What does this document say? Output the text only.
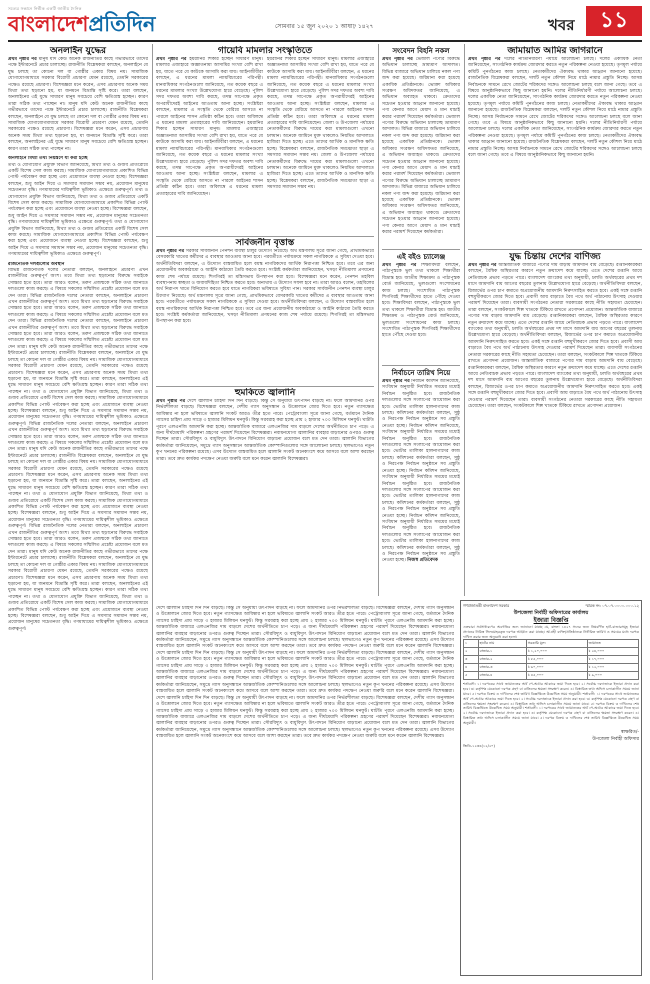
সত্যের সন্ধানে নির্ভীক একটি জাতীয় দৈনিক
বাংলাদেশপ্রতিদিন	সোমবার ১৫ জুন ২০২০ ১ আষাঢ় ১৪২৭	খবর	১১
অনলাইন যুদ্ধের
প্রথম পৃষ্ঠার পর মানুষ যদি কেউ অনেক রাজনীতির কাছে গভীরভাবে তাদের পক্ষে ইন্টারনেটে প্রচার চালাচ্ছে। রাজনীতি বিশ্লেষকরা বলছেন, অনলাইনে যে যুদ্ধ চলছে তা কোনো দল বা গোষ্ঠীর একার বিষয় নয়। সামাজিক যোগাযোগমাধ্যমে সরকার বিরোধী প্রচারণা যেমন রয়েছে, তেমনি সরকারের পক্ষেও রয়েছে প্রচারণা। বিশেষজ্ঞরা মনে করেন, এসব প্রচারণায় অনেক সময় মিথ্যা তথ্য ছড়ানো হয়, যা জনমনে বিভ্রান্তি সৃষ্টি করে। তারা বলছেন, অনলাইনের এই যুদ্ধে সাধারণ মানুষ সবচেয়ে বেশি ক্ষতিগ্রস্ত হচ্ছেন। কারণ তারা সঠিক তথ্য পাচ্ছেন না। মানুষ যদি কেউ অনেক রাজনীতির কাছে গভীরভাবে তাদের পক্ষে ইন্টারনেটে প্রচার চালাচ্ছে। রাজনীতি বিশ্লেষকরা বলছেন, অনলাইনে যে যুদ্ধ চলছে তা কোনো দল বা গোষ্ঠীর একার বিষয় নয়। সামাজিক যোগাযোগমাধ্যমে সরকার বিরোধী প্রচারণা যেমন রয়েছে, তেমনি সরকারের পক্ষেও রয়েছে প্রচারণা। বিশেষজ্ঞরা মনে করেন, এসব প্রচারণায় অনেক সময় মিথ্যা তথ্য ছড়ানো হয়, যা জনমনে বিভ্রান্তি সৃষ্টি করে। তারা বলছেন, অনলাইনের এই যুদ্ধে সাধারণ মানুষ সবচেয়ে বেশি ক্ষতিগ্রস্ত হচ্ছেন। কারণ তারা সঠিক তথ্য পাচ্ছেন না।
অনলাইনে মিথ্যা তথ্য নিয়ন্ত্রণে যা করা হচ্ছে
তথ্য ও যোগাযোগ প্রযুক্তি বিভাগ জানিয়েছে, মিথ্যা তথ্য ও গুজব প্রতিরোধে একটি বিশেষ সেল কাজ করছে। সামাজিক যোগাযোগমাধ্যমে প্রকাশিত বিভিন্ন পোস্ট পর্যবেক্ষণ করা হচ্ছে এবং প্রয়োজনে ব্যবস্থা নেওয়া হচ্ছে। বিশেষজ্ঞরা বলছেন, শুধু আইন দিয়ে এ সমস্যার সমাধান সম্ভব নয়, প্রয়োজন মানুষের সচেতনতা বৃদ্ধি। গণমাধ্যমের দায়িত্বশীল ভূমিকাও এক্ষেত্রে গুরুত্বপূর্ণ। তথ্য ও যোগাযোগ প্রযুক্তি বিভাগ জানিয়েছে, মিথ্যা তথ্য ও গুজব প্রতিরোধে একটি বিশেষ সেল কাজ করছে। সামাজিক যোগাযোগমাধ্যমে প্রকাশিত বিভিন্ন পোস্ট পর্যবেক্ষণ করা হচ্ছে এবং প্রয়োজনে ব্যবস্থা নেওয়া হচ্ছে। বিশেষজ্ঞরা বলছেন, শুধু আইন দিয়ে এ সমস্যার সমাধান সম্ভব নয়, প্রয়োজন মানুষের সচেতনতা বৃদ্ধি। গণমাধ্যমের দায়িত্বশীল ভূমিকাও এক্ষেত্রে গুরুত্বপূর্ণ। তথ্য ও যোগাযোগ প্রযুক্তি বিভাগ জানিয়েছে, মিথ্যা তথ্য ও গুজব প্রতিরোধে একটি বিশেষ সেল কাজ করছে। সামাজিক যোগাযোগমাধ্যমে প্রকাশিত বিভিন্ন পোস্ট পর্যবেক্ষণ করা হচ্ছে এবং প্রয়োজনে ব্যবস্থা নেওয়া হচ্ছে। বিশেষজ্ঞরা বলছেন, শুধু আইন দিয়ে এ সমস্যার সমাধান সম্ভব নয়, প্রয়োজন মানুষের সচেতনতা বৃদ্ধি। গণমাধ্যমের দায়িত্বশীল ভূমিকাও এক্ষেত্রে গুরুত্বপূর্ণ।
রাজনৈতিক দলগুলোর অবস্থান
বিভিন্ন রাজনৈতিক দলের নেতারা বলছেন, অনলাইনে প্রচারণা এখন রাজনীতির গুরুত্বপূর্ণ অংশ। তবে মিথ্যা তথ্য ছড়ানোর বিরুদ্ধে সবাইকে সোচ্চার হতে হবে। তারা আরও বলেন, তরুণ প্রজন্মকে সঠিক তথ্য জানাতে দলগুলো কাজ করছে। এ বিষয়ে সকলের সম্মিলিত প্রচেষ্টা প্রয়োজন বলে মত দেন তারা। বিভিন্ন রাজনৈতিক দলের নেতারা বলছেন, অনলাইনে প্রচারণা এখন রাজনীতির গুরুত্বপূর্ণ অংশ। তবে মিথ্যা তথ্য ছড়ানোর বিরুদ্ধে সবাইকে সোচ্চার হতে হবে। তারা আরও বলেন, তরুণ প্রজন্মকে সঠিক তথ্য জানাতে দলগুলো কাজ করছে। এ বিষয়ে সকলের সম্মিলিত প্রচেষ্টা প্রয়োজন বলে মত দেন তারা। বিভিন্ন রাজনৈতিক দলের নেতারা বলছেন, অনলাইনে প্রচারণা এখন রাজনীতির গুরুত্বপূর্ণ অংশ। তবে মিথ্যা তথ্য ছড়ানোর বিরুদ্ধে সবাইকে সোচ্চার হতে হবে। তারা আরও বলেন, তরুণ প্রজন্মকে সঠিক তথ্য জানাতে দলগুলো কাজ করছে। এ বিষয়ে সকলের সম্মিলিত প্রচেষ্টা প্রয়োজন বলে মত দেন তারা। মানুষ যদি কেউ অনেক রাজনীতির কাছে গভীরভাবে তাদের পক্ষে ইন্টারনেটে প্রচার চালাচ্ছে। রাজনীতি বিশ্লেষকরা বলছেন, অনলাইনে যে যুদ্ধ চলছে তা কোনো দল বা গোষ্ঠীর একার বিষয় নয়। সামাজিক যোগাযোগমাধ্যমে সরকার বিরোধী প্রচারণা যেমন রয়েছে, তেমনি সরকারের পক্ষেও রয়েছে প্রচারণা। বিশেষজ্ঞরা মনে করেন, এসব প্রচারণায় অনেক সময় মিথ্যা তথ্য ছড়ানো হয়, যা জনমনে বিভ্রান্তি সৃষ্টি করে। তারা বলছেন, অনলাইনের এই যুদ্ধে সাধারণ মানুষ সবচেয়ে বেশি ক্ষতিগ্রস্ত হচ্ছেন। কারণ তারা সঠিক তথ্য পাচ্ছেন না। তথ্য ও যোগাযোগ প্রযুক্তি বিভাগ জানিয়েছে, মিথ্যা তথ্য ও গুজব প্রতিরোধে একটি বিশেষ সেল কাজ করছে। সামাজিক যোগাযোগমাধ্যমে প্রকাশিত বিভিন্ন পোস্ট পর্যবেক্ষণ করা হচ্ছে এবং প্রয়োজনে ব্যবস্থা নেওয়া হচ্ছে। বিশেষজ্ঞরা বলছেন, শুধু আইন দিয়ে এ সমস্যার সমাধান সম্ভব নয়, প্রয়োজন মানুষের সচেতনতা বৃদ্ধি। গণমাধ্যমের দায়িত্বশীল ভূমিকাও এক্ষেত্রে গুরুত্বপূর্ণ। বিভিন্ন রাজনৈতিক দলের নেতারা বলছেন, অনলাইনে প্রচারণা এখন রাজনীতির গুরুত্বপূর্ণ অংশ। তবে মিথ্যা তথ্য ছড়ানোর বিরুদ্ধে সবাইকে সোচ্চার হতে হবে। তারা আরও বলেন, তরুণ প্রজন্মকে সঠিক তথ্য জানাতে দলগুলো কাজ করছে। এ বিষয়ে সকলের সম্মিলিত প্রচেষ্টা প্রয়োজন বলে মত দেন তারা। মানুষ যদি কেউ অনেক রাজনীতির কাছে গভীরভাবে তাদের পক্ষে ইন্টারনেটে প্রচার চালাচ্ছে। রাজনীতি বিশ্লেষকরা বলছেন, অনলাইনে যে যুদ্ধ চলছে তা কোনো দল বা গোষ্ঠীর একার বিষয় নয়। সামাজিক যোগাযোগমাধ্যমে সরকার বিরোধী প্রচারণা যেমন রয়েছে, তেমনি সরকারের পক্ষেও রয়েছে প্রচারণা। বিশেষজ্ঞরা মনে করেন, এসব প্রচারণায় অনেক সময় মিথ্যা তথ্য ছড়ানো হয়, যা জনমনে বিভ্রান্তি সৃষ্টি করে। তারা বলছেন, অনলাইনের এই যুদ্ধে সাধারণ মানুষ সবচেয়ে বেশি ক্ষতিগ্রস্ত হচ্ছেন। কারণ তারা সঠিক তথ্য পাচ্ছেন না। তথ্য ও যোগাযোগ প্রযুক্তি বিভাগ জানিয়েছে, মিথ্যা তথ্য ও গুজব প্রতিরোধে একটি বিশেষ সেল কাজ করছে। সামাজিক যোগাযোগমাধ্যমে প্রকাশিত বিভিন্ন পোস্ট পর্যবেক্ষণ করা হচ্ছে এবং প্রয়োজনে ব্যবস্থা নেওয়া হচ্ছে। বিশেষজ্ঞরা বলছেন, শুধু আইন দিয়ে এ সমস্যার সমাধান সম্ভব নয়, প্রয়োজন মানুষের সচেতনতা বৃদ্ধি। গণমাধ্যমের দায়িত্বশীল ভূমিকাও এক্ষেত্রে গুরুত্বপূর্ণ। বিভিন্ন রাজনৈতিক দলের নেতারা বলছেন, অনলাইনে প্রচারণা এখন রাজনীতির গুরুত্বপূর্ণ অংশ। তবে মিথ্যা তথ্য ছড়ানোর বিরুদ্ধে সবাইকে সোচ্চার হতে হবে। তারা আরও বলেন, তরুণ প্রজন্মকে সঠিক তথ্য জানাতে দলগুলো কাজ করছে। এ বিষয়ে সকলের সম্মিলিত প্রচেষ্টা প্রয়োজন বলে মত দেন তারা। মানুষ যদি কেউ অনেক রাজনীতির কাছে গভীরভাবে তাদের পক্ষে ইন্টারনেটে প্রচার চালাচ্ছে। রাজনীতি বিশ্লেষকরা বলছেন, অনলাইনে যে যুদ্ধ চলছে তা কোনো দল বা গোষ্ঠীর একার বিষয় নয়। সামাজিক যোগাযোগমাধ্যমে সরকার বিরোধী প্রচারণা যেমন রয়েছে, তেমনি সরকারের পক্ষেও রয়েছে প্রচারণা। বিশেষজ্ঞরা মনে করেন, এসব প্রচারণায় অনেক সময় মিথ্যা তথ্য ছড়ানো হয়, যা জনমনে বিভ্রান্তি সৃষ্টি করে। তারা বলছেন, অনলাইনের এই যুদ্ধে সাধারণ মানুষ সবচেয়ে বেশি ক্ষতিগ্রস্ত হচ্ছেন। কারণ তারা সঠিক তথ্য পাচ্ছেন না। তথ্য ও যোগাযোগ প্রযুক্তি বিভাগ জানিয়েছে, মিথ্যা তথ্য ও গুজব প্রতিরোধে একটি বিশেষ সেল কাজ করছে। সামাজিক যোগাযোগমাধ্যমে প্রকাশিত বিভিন্ন পোস্ট পর্যবেক্ষণ করা হচ্ছে এবং প্রয়োজনে ব্যবস্থা নেওয়া হচ্ছে। বিশেষজ্ঞরা বলছেন, শুধু আইন দিয়ে এ সমস্যার সমাধান সম্ভব নয়, প্রয়োজন মানুষের সচেতনতা বৃদ্ধি। গণমাধ্যমের দায়িত্বশীল ভূমিকাও এক্ষেত্রে গুরুত্বপূর্ণ।
গায়েবি মামলার সংস্কৃতিতে
প্রথম পৃষ্ঠার পর হয়রানির শিকার হচ্ছেন সাধারণ মানুষ। মামলার এজাহারে অজ্ঞাতনামা আসামির সংখ্যা বেশি রাখা হয়, যাতে পরে যে কাউকে আসামি করা যায়। আইনজীবীরা বলছেন, এ ধরনের মামলা ন্যায়বিচারের পরিপন্থী। মানবাধিকার সংগঠনগুলো জানিয়েছে, গত কয়েক বছরে এ ধরনের মামলার সংখ্যা উল্লেখযোগ্য হারে বেড়েছে। পুলিশ সদর দফতর অবশ্য দাবি করছে, তদন্ত সাপেক্ষে প্রকৃত অপরাধীদেরই আইনের আওতায় আনা হচ্ছে। সংশ্লিষ্টরা বলছেন, মামলার এ সংস্কৃতি থেকে বেরিয়ে আসতে না পারলে আইনের শাসন প্রতিষ্ঠা কঠিন হবে। তারা অবিলম্বে এ ধরনের মামলা প্রত্যাহারের দাবি জানিয়েছেন। হয়রানির শিকার হচ্ছেন সাধারণ মানুষ। মামলার এজাহারে অজ্ঞাতনামা আসামির সংখ্যা বেশি রাখা হয়, যাতে পরে যে কাউকে আসামি করা যায়। আইনজীবীরা বলছেন, এ ধরনের মামলা ন্যায়বিচারের পরিপন্থী। মানবাধিকার সংগঠনগুলো জানিয়েছে, গত কয়েক বছরে এ ধরনের মামলার সংখ্যা উল্লেখযোগ্য হারে বেড়েছে। পুলিশ সদর দফতর অবশ্য দাবি করছে, তদন্ত সাপেক্ষে প্রকৃত অপরাধীদেরই আইনের আওতায় আনা হচ্ছে। সংশ্লিষ্টরা বলছেন, মামলার এ সংস্কৃতি থেকে বেরিয়ে আসতে না পারলে আইনের শাসন প্রতিষ্ঠা কঠিন হবে। তারা অবিলম্বে এ ধরনের মামলা প্রত্যাহারের দাবি জানিয়েছেন।
হয়রানির শিকার হচ্ছেন সাধারণ মানুষ। মামলার এজাহারে অজ্ঞাতনামা আসামির সংখ্যা বেশি রাখা হয়, যাতে পরে যে কাউকে আসামি করা যায়। আইনজীবীরা বলছেন, এ ধরনের মামলা ন্যায়বিচারের পরিপন্থী। মানবাধিকার সংগঠনগুলো জানিয়েছে, গত কয়েক বছরে এ ধরনের মামলার সংখ্যা উল্লেখযোগ্য হারে বেড়েছে। পুলিশ সদর দফতর অবশ্য দাবি করছে, তদন্ত সাপেক্ষে প্রকৃত অপরাধীদেরই আইনের আওতায় আনা হচ্ছে। সংশ্লিষ্টরা বলছেন, মামলার এ সংস্কৃতি থেকে বেরিয়ে আসতে না পারলে আইনের শাসন প্রতিষ্ঠা কঠিন হবে। তারা অবিলম্বে এ ধরনের মামলা প্রত্যাহারের দাবি জানিয়েছেন। জেলা ও উপজেলা পর্যায়ের নেতাকর্মীদের বিরুদ্ধে দায়ের করা মামলাগুলো এখনো চলমান। অনেকে জামিনে মুক্ত থাকলেও নিয়মিত আদালতে হাজিরা দিতে হচ্ছে। এতে তাদের আর্থিক ও মানসিক ক্ষতি হচ্ছে। বিশ্লেষকরা বলছেন, রাজনৈতিক সমঝোতা ছাড়া এ সমস্যার সমাধান সম্ভব নয়। জেলা ও উপজেলা পর্যায়ের নেতাকর্মীদের বিরুদ্ধে দায়ের করা মামলাগুলো এখনো চলমান। অনেকে জামিনে মুক্ত থাকলেও নিয়মিত আদালতে হাজিরা দিতে হচ্ছে। এতে তাদের আর্থিক ও মানসিক ক্ষতি হচ্ছে। বিশ্লেষকরা বলছেন, রাজনৈতিক সমঝোতা ছাড়া এ সমস্যার সমাধান সম্ভব নয়।
সার্বজনীন বৃত্তাস্ত
প্রথম পৃষ্ঠার পর সরকার সার্বজনীন পেনশন ব্যবস্থা চালুর উদ্যোগ নিয়েছে। অর্থ মন্ত্রণালয় সূত্রে জানা গেছে, প্রাথমিকভাবে বেসরকারি খাতের কর্মীদের এ ব্যবস্থার আওতায় আনা হবে। পরবর্তীতে পর্যায়ক্রমে সকল নাগরিককে এ সুবিধা দেওয়া হবে। অর্থনীতিবিদরা বলছেন, এ উদ্যোগ বাস্তবায়িত হলে বয়স্ক নাগরিকদের আর্থিক নিরাপত্তা নিশ্চিত হবে। তবে এর জন্য প্রয়োজনীয় অবকাঠামো ও আইনি কাঠামো তৈরি করতে হবে। সংশ্লিষ্ট কর্মকর্তারা জানিয়েছেন, খসড়া নীতিমালা প্রণয়নের কাজ শেষ পর্যায়ে রয়েছে। শিগগিরই তা মন্ত্রিসভায় উপস্থাপন করা হবে। বিশেষজ্ঞরা মনে করেন, পেনশন তহবিল ব্যবস্থাপনায় স্বচ্ছতা ও জবাবদিহিতা নিশ্চিত করতে হবে। অন্যথায় এ উদ্যোগ সফল হবে না। তারা আরও বলেন, তহবিলের অর্থ নিরাপদ খাতে বিনিয়োগ করতে হবে যাতে নাগরিকরা ভবিষ্যতে সুবিধা পান। সরকার সার্বজনীন পেনশন ব্যবস্থা চালুর উদ্যোগ নিয়েছে। অর্থ মন্ত্রণালয় সূত্রে জানা গেছে, প্রাথমিকভাবে বেসরকারি খাতের কর্মীদের এ ব্যবস্থার আওতায় আনা হবে। পরবর্তীতে পর্যায়ক্রমে সকল নাগরিককে এ সুবিধা দেওয়া হবে। অর্থনীতিবিদরা বলছেন, এ উদ্যোগ বাস্তবায়িত হলে বয়স্ক নাগরিকদের আর্থিক নিরাপত্তা নিশ্চিত হবে। তবে এর জন্য প্রয়োজনীয় অবকাঠামো ও আইনি কাঠামো তৈরি করতে হবে। সংশ্লিষ্ট কর্মকর্তারা জানিয়েছেন, খসড়া নীতিমালা প্রণয়নের কাজ শেষ পর্যায়ে রয়েছে। শিগগিরই তা মন্ত্রিসভায় উপস্থাপন করা হবে।
হুমকিতে জ্বালানি
প্রথম পৃষ্ঠার পর দেশে জ্বালানি চাহিদা দিন দিন বাড়ছে। কিন্তু সে অনুযায়ী উৎপাদন বাড়ছে না। ফলে আমদানির ওপর নির্ভরশীলতা বাড়ছে। বিশেষজ্ঞরা বলছেন, দেশীয় গ্যাস অনুসন্ধান ও উত্তোলনে জোর দিতে হবে। নতুন গ্যাসক্ষেত্র আবিষ্কার না হলে ভবিষ্যতে জ্বালানি সংকট আরও তীব্র হতে পারে। পেট্রোবাংলা সূত্রে জানা গেছে, বর্তমানে দৈনিক গ্যাসের চাহিদা প্রায় সাড়ে ৩ হাজার মিলিয়ন ঘনফুট। কিন্তু সরবরাহ করা হচ্ছে প্রায় ২ হাজার ৭০০ মিলিয়ন ঘনফুট। ঘাটতি পূরণে এলএনজি আমদানি করা হচ্ছে। আন্তর্জাতিক বাজারে এলএনজির দাম বাড়লে দেশের অর্থনীতিতে চাপ পড়ে। এ জন্য দীর্ঘমেয়াদি পরিকল্পনা গ্রহণের পরামর্শ দিয়েছেন বিশেষজ্ঞরা। নবায়নযোগ্য জ্বালানির ব্যবহার বাড়ানোর ওপরও গুরুত্ব দিচ্ছেন তারা। সৌরবিদ্যুৎ ও বায়ুবিদ্যুৎ উৎপাদনে বিনিয়োগ বাড়ানো প্রয়োজন বলে মত দেন তারা। জ্বালানি বিভাগের কর্মকর্তারা জানিয়েছেন, সমুদ্রে গ্যাস অনুসন্ধানে আন্তর্জাতিক কোম্পানিগুলোর সঙ্গে আলোচনা চলছে। স্থলভাগেও নতুন কূপ খননের পরিকল্পনা রয়েছে। এসব উদ্যোগ বাস্তবায়িত হলে জ্বালানি সংকট অনেকাংশে কমে আসবে বলে আশা করছেন তারা। তবে দ্রুত কার্যকর পদক্ষেপ নেওয়া জরুরি বলে মনে করেন জ্বালানি বিশেষজ্ঞরা।
দেশে জ্বালানি চাহিদা দিন দিন বাড়ছে। কিন্তু সে অনুযায়ী উৎপাদন বাড়ছে না। ফলে আমদানির ওপর নির্ভরশীলতা বাড়ছে। বিশেষজ্ঞরা বলছেন, দেশীয় গ্যাস অনুসন্ধান ও উত্তোলনে জোর দিতে হবে। নতুন গ্যাসক্ষেত্র আবিষ্কার না হলে ভবিষ্যতে জ্বালানি সংকট আরও তীব্র হতে পারে। পেট্রোবাংলা সূত্রে জানা গেছে, বর্তমানে দৈনিক গ্যাসের চাহিদা প্রায় সাড়ে ৩ হাজার মিলিয়ন ঘনফুট। কিন্তু সরবরাহ করা হচ্ছে প্রায় ২ হাজার ৭০০ মিলিয়ন ঘনফুট। ঘাটতি পূরণে এলএনজি আমদানি করা হচ্ছে। আন্তর্জাতিক বাজারে এলএনজির দাম বাড়লে দেশের অর্থনীতিতে চাপ পড়ে। এ জন্য দীর্ঘমেয়াদি পরিকল্পনা গ্রহণের পরামর্শ দিয়েছেন বিশেষজ্ঞরা। নবায়নযোগ্য জ্বালানির ব্যবহার বাড়ানোর ওপরও গুরুত্ব দিচ্ছেন তারা। সৌরবিদ্যুৎ ও বায়ুবিদ্যুৎ উৎপাদনে বিনিয়োগ বাড়ানো প্রয়োজন বলে মত দেন তারা। জ্বালানি বিভাগের কর্মকর্তারা জানিয়েছেন, সমুদ্রে গ্যাস অনুসন্ধানে আন্তর্জাতিক কোম্পানিগুলোর সঙ্গে আলোচনা চলছে। স্থলভাগেও নতুন কূপ খননের পরিকল্পনা রয়েছে। এসব উদ্যোগ বাস্তবায়িত হলে জ্বালানি সংকট অনেকাংশে কমে আসবে বলে আশা করছেন তারা। তবে দ্রুত কার্যকর পদক্ষেপ নেওয়া জরুরি বলে মনে করেন জ্বালানি বিশেষজ্ঞরা। দেশে জ্বালানি চাহিদা দিন দিন বাড়ছে। কিন্তু সে অনুযায়ী উৎপাদন বাড়ছে না। ফলে আমদানির ওপর নির্ভরশীলতা বাড়ছে। বিশেষজ্ঞরা বলছেন, দেশীয় গ্যাস অনুসন্ধান ও উত্তোলনে জোর দিতে হবে। নতুন গ্যাসক্ষেত্র আবিষ্কার না হলে ভবিষ্যতে জ্বালানি সংকট আরও তীব্র হতে পারে। পেট্রোবাংলা সূত্রে জানা গেছে, বর্তমানে দৈনিক গ্যাসের চাহিদা প্রায় সাড়ে ৩ হাজার মিলিয়ন ঘনফুট। কিন্তু সরবরাহ করা হচ্ছে প্রায় ২ হাজার ৭০০ মিলিয়ন ঘনফুট। ঘাটতি পূরণে এলএনজি আমদানি করা হচ্ছে। আন্তর্জাতিক বাজারে এলএনজির দাম বাড়লে দেশের অর্থনীতিতে চাপ পড়ে। এ জন্য দীর্ঘমেয়াদি পরিকল্পনা গ্রহণের পরামর্শ দিয়েছেন বিশেষজ্ঞরা। নবায়নযোগ্য জ্বালানির ব্যবহার বাড়ানোর ওপরও গুরুত্ব দিচ্ছেন তারা। সৌরবিদ্যুৎ ও বায়ুবিদ্যুৎ উৎপাদনে বিনিয়োগ বাড়ানো প্রয়োজন বলে মত দেন তারা। জ্বালানি বিভাগের কর্মকর্তারা জানিয়েছেন, সমুদ্রে গ্যাস অনুসন্ধানে আন্তর্জাতিক কোম্পানিগুলোর সঙ্গে আলোচনা চলছে। স্থলভাগেও নতুন কূপ খননের পরিকল্পনা রয়েছে। এসব উদ্যোগ বাস্তবায়িত হলে জ্বালানি সংকট অনেকাংশে কমে আসবে বলে আশা করছেন তারা। তবে দ্রুত কার্যকর পদক্ষেপ নেওয়া জরুরি বলে মনে করেন জ্বালানি বিশেষজ্ঞরা। দেশে জ্বালানি চাহিদা দিন দিন বাড়ছে। কিন্তু সে অনুযায়ী উৎপাদন বাড়ছে না। ফলে আমদানির ওপর নির্ভরশীলতা বাড়ছে। বিশেষজ্ঞরা বলছেন, দেশীয় গ্যাস অনুসন্ধান ও উত্তোলনে জোর দিতে হবে। নতুন গ্যাসক্ষেত্র আবিষ্কার না হলে ভবিষ্যতে জ্বালানি সংকট আরও তীব্র হতে পারে। পেট্রোবাংলা সূত্রে জানা গেছে, বর্তমানে দৈনিক গ্যাসের চাহিদা প্রায় সাড়ে ৩ হাজার মিলিয়ন ঘনফুট। কিন্তু সরবরাহ করা হচ্ছে প্রায় ২ হাজার ৭০০ মিলিয়ন ঘনফুট। ঘাটতি পূরণে এলএনজি আমদানি করা হচ্ছে। আন্তর্জাতিক বাজারে এলএনজির দাম বাড়লে দেশের অর্থনীতিতে চাপ পড়ে। এ জন্য দীর্ঘমেয়াদি পরিকল্পনা গ্রহণের পরামর্শ দিয়েছেন বিশেষজ্ঞরা। নবায়নযোগ্য জ্বালানির ব্যবহার বাড়ানোর ওপরও গুরুত্ব দিচ্ছেন তারা। সৌরবিদ্যুৎ ও বায়ুবিদ্যুৎ উৎপাদনে বিনিয়োগ বাড়ানো প্রয়োজন বলে মত দেন তারা। জ্বালানি বিভাগের কর্মকর্তারা জানিয়েছেন, সমুদ্রে গ্যাস অনুসন্ধানে আন্তর্জাতিক কোম্পানিগুলোর সঙ্গে আলোচনা চলছে। স্থলভাগেও নতুন কূপ খননের পরিকল্পনা রয়েছে। এসব উদ্যোগ বাস্তবায়িত হলে জ্বালানি সংকট অনেকাংশে কমে আসবে বলে আশা করছেন তারা। তবে দ্রুত কার্যকর পদক্ষেপ নেওয়া জরুরি বলে মনে করেন জ্বালানি বিশেষজ্ঞরা।
সংবেদন বিহনি নকল
প্রথম পৃষ্ঠার পর ভেজাল পণ্যের বিরুদ্ধে অভিযান চালাচ্ছে ভ্রাম্যমাণ আদালত। বিভিন্ন বাজারে অভিযান চালিয়ে নকল পণ্য জব্দ করা হয়েছে। জরিমানা করা হয়েছে একাধিক প্রতিষ্ঠানকে। ভোক্তা অধিকার সংরক্ষণ অধিদফতর জানিয়েছে, এ অভিযান অব্যাহত থাকবে। ক্রেতাদের সচেতন হওয়ার আহ্বান জানানো হয়েছে। পণ্য কেনার আগে মেয়াদ ও মান যাচাই করার পরামর্শ দিয়েছেন কর্মকর্তারা। ভেজাল পণ্যের বিরুদ্ধে অভিযান চালাচ্ছে ভ্রাম্যমাণ আদালত। বিভিন্ন বাজারে অভিযান চালিয়ে নকল পণ্য জব্দ করা হয়েছে। জরিমানা করা হয়েছে একাধিক প্রতিষ্ঠানকে। ভোক্তা অধিকার সংরক্ষণ অধিদফতর জানিয়েছে, এ অভিযান অব্যাহত থাকবে। ক্রেতাদের সচেতন হওয়ার আহ্বান জানানো হয়েছে। পণ্য কেনার আগে মেয়াদ ও মান যাচাই করার পরামর্শ দিয়েছেন কর্মকর্তারা। ভেজাল পণ্যের বিরুদ্ধে অভিযান চালাচ্ছে ভ্রাম্যমাণ আদালত। বিভিন্ন বাজারে অভিযান চালিয়ে নকল পণ্য জব্দ করা হয়েছে। জরিমানা করা হয়েছে একাধিক প্রতিষ্ঠানকে। ভোক্তা অধিকার সংরক্ষণ অধিদফতর জানিয়েছে, এ অভিযান অব্যাহত থাকবে। ক্রেতাদের সচেতন হওয়ার আহ্বান জানানো হয়েছে। পণ্য কেনার আগে মেয়াদ ও মান যাচাই করার পরামর্শ দিয়েছেন কর্মকর্তারা।
এই বইও চ্যালেঞ্জ
প্রথম পৃষ্ঠার পর শিক্ষাবিদরা বলছেন, পাঠ্যপুস্তকে ভুল তথ্য থাকলে শিক্ষার্থীরা বিভ্রান্ত হয়। জাতীয় শিক্ষাক্রম ও পাঠ্যপুস্তক বোর্ড জানিয়েছে, ভুলগুলো সংশোধনের কাজ চলছে। সংশোধিত পাঠ্যপুস্তক শিগগিরই শিক্ষার্থীদের হাতে পৌঁছে দেওয়া হবে। শিক্ষাবিদরা বলছেন, পাঠ্যপুস্তকে ভুল তথ্য থাকলে শিক্ষার্থীরা বিভ্রান্ত হয়। জাতীয় শিক্ষাক্রম ও পাঠ্যপুস্তক বোর্ড জানিয়েছে, ভুলগুলো সংশোধনের কাজ চলছে। সংশোধিত পাঠ্যপুস্তক শিগগিরই শিক্ষার্থীদের হাতে পৌঁছে দেওয়া হবে।
নির্বাচনে তারিখ নিয়ে
প্রথম পৃষ্ঠার পর নির্বাচন কমিশন জানিয়েছে, সংবিধান অনুযায়ী নির্ধারিত সময়ের মধ্যেই নির্বাচন অনুষ্ঠিত হবে। রাজনৈতিক দলগুলোর সঙ্গে সংলাপের আয়োজন করা হবে। ভোটার তালিকা হালনাগাদের কাজ চলছে। কমিশনের কর্মকর্তারা বলছেন, সুষ্ঠু ও নিরপেক্ষ নির্বাচন অনুষ্ঠানে সব প্রস্তুতি নেওয়া হচ্ছে। নির্বাচন কমিশন জানিয়েছে, সংবিধান অনুযায়ী নির্ধারিত সময়ের মধ্যেই নির্বাচন অনুষ্ঠিত হবে। রাজনৈতিক দলগুলোর সঙ্গে সংলাপের আয়োজন করা হবে। ভোটার তালিকা হালনাগাদের কাজ চলছে। কমিশনের কর্মকর্তারা বলছেন, সুষ্ঠু ও নিরপেক্ষ নির্বাচন অনুষ্ঠানে সব প্রস্তুতি নেওয়া হচ্ছে। নির্বাচন কমিশন জানিয়েছে, সংবিধান অনুযায়ী নির্ধারিত সময়ের মধ্যেই নির্বাচন অনুষ্ঠিত হবে। রাজনৈতিক দলগুলোর সঙ্গে সংলাপের আয়োজন করা হবে। ভোটার তালিকা হালনাগাদের কাজ চলছে। কমিশনের কর্মকর্তারা বলছেন, সুষ্ঠু ও নিরপেক্ষ নির্বাচন অনুষ্ঠানে সব প্রস্তুতি নেওয়া হচ্ছে। নির্বাচন কমিশন জানিয়েছে, সংবিধান অনুযায়ী নির্ধারিত সময়ের মধ্যেই নির্বাচন অনুষ্ঠিত হবে। রাজনৈতিক দলগুলোর সঙ্গে সংলাপের আয়োজন করা হবে। ভোটার তালিকা হালনাগাদের কাজ চলছে। কমিশনের কর্মকর্তারা বলছেন, সুষ্ঠু ও নিরপেক্ষ নির্বাচন অনুষ্ঠানে সব প্রস্তুতি নেওয়া হচ্ছে। নিজস্ব প্রতিবেদক
জামায়াত আমির জাগরানে
প্রথম পৃষ্ঠার পর দলের নীতিনির্ধারণী পর্যায়ে আলোচনা চলছে। দলের একাধিক নেতা জানিয়েছেন, সাংগঠনিক কার্যক্রম জোরদার করতে নতুন পরিকল্পনা নেওয়া হয়েছে। তৃণমূল পর্যায়ে কমিটি পুনর্গঠনের কাজ চলছে। নেতাকর্মীদের ঐক্যবদ্ধ থাকার আহ্বান জানানো হয়েছে। রাজনৈতিক বিশ্লেষকরা বলছেন, দলটি নতুন কৌশল নিয়ে মাঠে নামার প্রস্তুতি নিচ্ছে। আসন্ন নির্বাচনকে সামনে রেখে জোটের শরিকদের সঙ্গেও আলোচনা চলছে বলে জানা গেছে। তবে এ বিষয়ে আনুষ্ঠানিকভাবে কিছু জানানো হয়নি। দলের নীতিনির্ধারণী পর্যায়ে আলোচনা চলছে। দলের একাধিক নেতা জানিয়েছেন, সাংগঠনিক কার্যক্রম জোরদার করতে নতুন পরিকল্পনা নেওয়া হয়েছে। তৃণমূল পর্যায়ে কমিটি পুনর্গঠনের কাজ চলছে। নেতাকর্মীদের ঐক্যবদ্ধ থাকার আহ্বান জানানো হয়েছে। রাজনৈতিক বিশ্লেষকরা বলছেন, দলটি নতুন কৌশল নিয়ে মাঠে নামার প্রস্তুতি নিচ্ছে। আসন্ন নির্বাচনকে সামনে রেখে জোটের শরিকদের সঙ্গেও আলোচনা চলছে বলে জানা গেছে। তবে এ বিষয়ে আনুষ্ঠানিকভাবে কিছু জানানো হয়নি। দলের নীতিনির্ধারণী পর্যায়ে আলোচনা চলছে। দলের একাধিক নেতা জানিয়েছেন, সাংগঠনিক কার্যক্রম জোরদার করতে নতুন পরিকল্পনা নেওয়া হয়েছে। তৃণমূল পর্যায়ে কমিটি পুনর্গঠনের কাজ চলছে। নেতাকর্মীদের ঐক্যবদ্ধ থাকার আহ্বান জানানো হয়েছে। রাজনৈতিক বিশ্লেষকরা বলছেন, দলটি নতুন কৌশল নিয়ে মাঠে নামার প্রস্তুতি নিচ্ছে। আসন্ন নির্বাচনকে সামনে রেখে জোটের শরিকদের সঙ্গেও আলোচনা চলছে বলে জানা গেছে। তবে এ বিষয়ে আনুষ্ঠানিকভাবে কিছু জানানো হয়নি।
যুদ্ধ চিন্তায় দেশের বাণিজ্য
প্রথম পৃষ্ঠার পর আন্তর্জাতিক বাজারে পণ্যের দাম বাড়ায় আমদানি ব্যয় বেড়েছে। রপ্তানিকারকরা বলছেন, বৈশ্বিক অস্থিরতার কারণে নতুন ক্রয়াদেশ কমে যাচ্ছে। এতে দেশের রপ্তানি আয়ে নেতিবাচক প্রভাব পড়তে পারে। বাংলাদেশ ব্যাংকের তথ্য অনুযায়ী, চলতি অর্থবছরের প্রথম দশ মাসে আমদানি ব্যয় আগের বছরের তুলনায় উল্লেখযোগ্য হারে বেড়েছে। অর্থনীতিবিদরা বলছেন, রিজার্ভের ওপর চাপ কমাতে অপ্রয়োজনীয় আমদানি নিরুৎসাহিত করতে হবে। একই সঙ্গে রপ্তানি বহুমুখীকরণে জোর দিতে হবে। প্রবাসী আয় বাড়াতে বৈধ পথে অর্থ পাঠানোয় উৎসাহ দেওয়ার পরামর্শ দিয়েছেন তারা। ব্যবসায়ী সংগঠনের নেতারা সরকারের কাছে নীতি সহায়তা চেয়েছেন। তারা বলছেন, সংকটকালে শিল্প খাতকে টিকিয়ে রাখতে প্রণোদনা প্রয়োজন। আন্তর্জাতিক বাজারে পণ্যের দাম বাড়ায় আমদানি ব্যয় বেড়েছে। রপ্তানিকারকরা বলছেন, বৈশ্বিক অস্থিরতার কারণে নতুন ক্রয়াদেশ কমে যাচ্ছে। এতে দেশের রপ্তানি আয়ে নেতিবাচক প্রভাব পড়তে পারে। বাংলাদেশ ব্যাংকের তথ্য অনুযায়ী, চলতি অর্থবছরের প্রথম দশ মাসে আমদানি ব্যয় আগের বছরের তুলনায় উল্লেখযোগ্য হারে বেড়েছে। অর্থনীতিবিদরা বলছেন, রিজার্ভের ওপর চাপ কমাতে অপ্রয়োজনীয় আমদানি নিরুৎসাহিত করতে হবে। একই সঙ্গে রপ্তানি বহুমুখীকরণে জোর দিতে হবে। প্রবাসী আয় বাড়াতে বৈধ পথে অর্থ পাঠানোয় উৎসাহ দেওয়ার পরামর্শ দিয়েছেন তারা। ব্যবসায়ী সংগঠনের নেতারা সরকারের কাছে নীতি সহায়তা চেয়েছেন। তারা বলছেন, সংকটকালে শিল্প খাতকে টিকিয়ে রাখতে প্রণোদনা প্রয়োজন। আন্তর্জাতিক বাজারে পণ্যের দাম বাড়ায় আমদানি ব্যয় বেড়েছে। রপ্তানিকারকরা বলছেন, বৈশ্বিক অস্থিরতার কারণে নতুন ক্রয়াদেশ কমে যাচ্ছে। এতে দেশের রপ্তানি আয়ে নেতিবাচক প্রভাব পড়তে পারে। বাংলাদেশ ব্যাংকের তথ্য অনুযায়ী, চলতি অর্থবছরের প্রথম দশ মাসে আমদানি ব্যয় আগের বছরের তুলনায় উল্লেখযোগ্য হারে বেড়েছে। অর্থনীতিবিদরা বলছেন, রিজার্ভের ওপর চাপ কমাতে অপ্রয়োজনীয় আমদানি নিরুৎসাহিত করতে হবে। একই সঙ্গে রপ্তানি বহুমুখীকরণে জোর দিতে হবে। প্রবাসী আয় বাড়াতে বৈধ পথে অর্থ পাঠানোয় উৎসাহ দেওয়ার পরামর্শ দিয়েছেন তারা। ব্যবসায়ী সংগঠনের নেতারা সরকারের কাছে নীতি সহায়তা চেয়েছেন। তারা বলছেন, সংকটকালে শিল্প খাতকে টিকিয়ে রাখতে প্রণোদনা প্রয়োজন।
গণপ্রজাতন্ত্রী বাংলাদেশ সরকার	স্মারক নং: ০৭.০৭.০০০০.০০০.১২
উপজেলা নির্বাহী অফিসারের কার্যালয়
ইজারা বিজ্ঞপ্তি
এতদ্বারা সর্বসাধারণের অবগতির জন্য জানানো যাচ্ছে যে, বাংলা ১৪২৭ সনের জন্য নিম্নবর্ণিত হাট-বাজারসমূহ ইজারা প্রদানের নিমিত্ত সিলমোহরকৃত দরপত্র আহ্বান করা যাচ্ছে। আগ্রহী ব্যক্তি/প্রতিষ্ঠানকে নির্ধারিত তারিখ ও সময়ের মধ্যে দরপত্র দাখিল করার জন্য অনুরোধ করা হলো।
১	হাটের নাম	সরকারি মূল্য	জামানত
২	বাজার-১	৳ ১,২০,০০০	৳ ২৪,০০০
৩	বাজার-২	৳ ৮৫,০০০	৳ ১৭,০০০
৪	বাজার-৩	৳ ৬০,০০০	৳ ১২,০০০
৫	বাজার-৪	৳ ৪৫,০০০	৳ ৯,০০০
শর্তাবলী: ১। দরপত্রের সাথে জামানতের অর্থ পে-অর্ডার আকারে জমা দিতে হবে। ২। সর্বোচ্চ দরদাতাকে ইজারা প্রদান করা হবে। ৩। কর্তৃপক্ষ যেকোনো দরপত্র গ্রহণ বা বাতিলের ক্ষমতা সংরক্ষণ করেন। ৪। বিস্তারিত তথ্য অফিস চলাকালীন সময়ে জানা যাবে। ৫। দরপত্র বিক্রয় ও দাখিলের শেষ তারিখ বিজ্ঞপ্তিতে উল্লেখিত সময় অনুযায়ী। শর্তাবলী: ১। দরপত্রের সাথে জামানতের অর্থ পে-অর্ডার আকারে জমা দিতে হবে। ২। সর্বোচ্চ দরদাতাকে ইজারা প্রদান করা হবে। ৩। কর্তৃপক্ষ যেকোনো দরপত্র গ্রহণ বা বাতিলের ক্ষমতা সংরক্ষণ করেন। ৪। বিস্তারিত তথ্য অফিস চলাকালীন সময়ে জানা যাবে। ৫। দরপত্র বিক্রয় ও দাখিলের শেষ তারিখ বিজ্ঞপ্তিতে উল্লেখিত সময় অনুযায়ী। শর্তাবলী: ১। দরপত্রের সাথে জামানতের অর্থ পে-অর্ডার আকারে জমা দিতে হবে। ২। সর্বোচ্চ দরদাতাকে ইজারা প্রদান করা হবে। ৩। কর্তৃপক্ষ যেকোনো দরপত্র গ্রহণ বা বাতিলের ক্ষমতা সংরক্ষণ করেন। ৪। বিস্তারিত তথ্য অফিস চলাকালীন সময়ে জানা যাবে। ৫। দরপত্র বিক্রয় ও দাখিলের শেষ তারিখ বিজ্ঞপ্তিতে উল্লেখিত সময় অনুযায়ী।
স্বাক্ষরিত/-
উপজেলা নির্বাহী অফিসার
জিডি-১২৩৪(১২/২০)
